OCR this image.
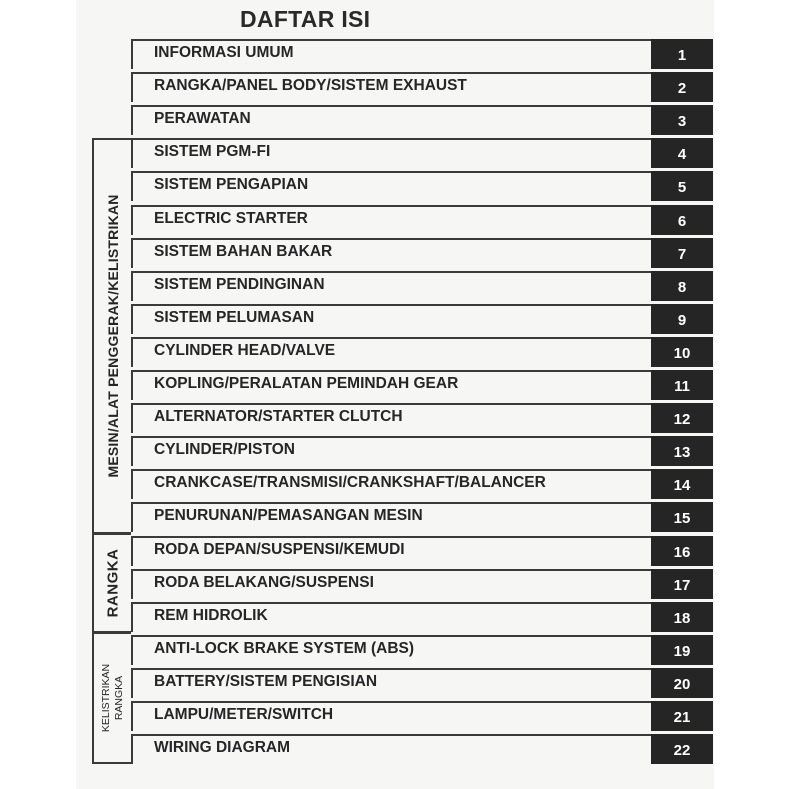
DAFTAR ISI
MESIN/ALAT PENGGERAK/KELISTRIKAN
RANGKA
KELISTRIKAN RANGKA
INFORMASI UMUM	1
RANGKA/PANEL BODY/SISTEM EXHAUST	2
PERAWATAN	3
SISTEM PGM-FI	4
SISTEM PENGAPIAN	5
ELECTRIC STARTER	6
SISTEM BAHAN BAKAR	7
SISTEM PENDINGINAN	8
SISTEM PELUMASAN	9
CYLINDER HEAD/VALVE	10
KOPLING/PERALATAN PEMINDAH GEAR	11
ALTERNATOR/STARTER CLUTCH	12
CYLINDER/PISTON	13
CRANKCASE/TRANSMISI/CRANKSHAFT/BALANCER	14
PENURUNAN/PEMASANGAN MESIN	15
RODA DEPAN/SUSPENSI/KEMUDI	16
RODA BELAKANG/SUSPENSI	17
REM HIDROLIK	18
ANTI-LOCK BRAKE SYSTEM (ABS)	19
BATTERY/SISTEM PENGISIAN	20
LAMPU/METER/SWITCH	21
WIRING DIAGRAM	22
